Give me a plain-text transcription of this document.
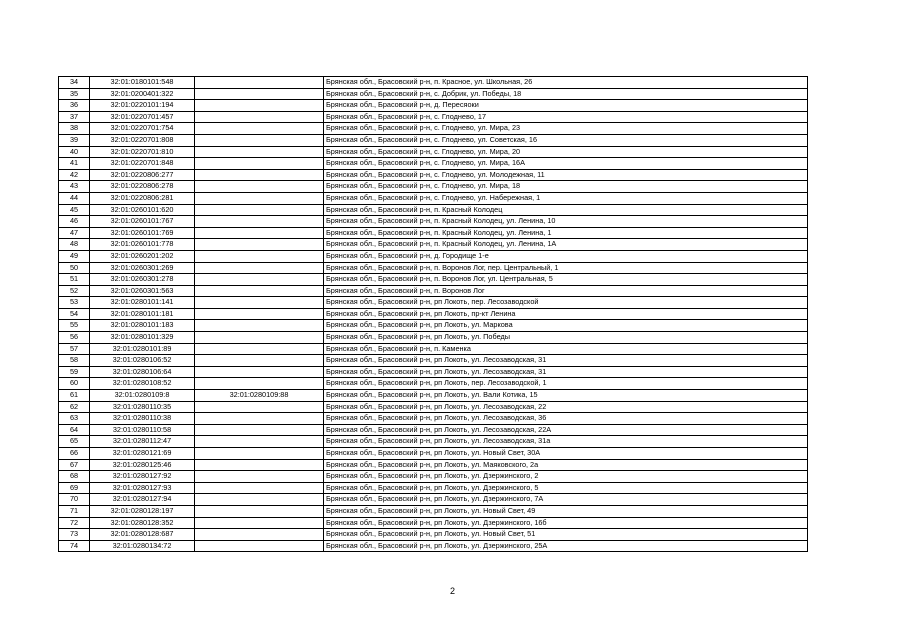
34	32:01:0180101:548		Брянская обл., Брасовский р-н, п. Красное, ул. Школьная, 26
35	32:01:0200401:322		Брянская обл., Брасовский р-н, с. Добрик, ул. Победы, 18
36	32:01:0220101:194		Брянская обл., Брасовский р-н, д. Пересяоки
37	32:01:0220701:457		Брянская обл., Брасовский р-н, с. Глодневo, 17
38	32:01:0220701:754		Брянская обл., Брасовский р-н, с. Глоднево, ул. Мира, 23
39	32:01:0220701:808		Брянская обл., Брасовский р-н, с. Глоднево, ул. Советская, 16
40	32:01:0220701:810		Брянская обл., Брасовский р-н, с. Глоднево, ул. Мира, 20
41	32:01:0220701:848		Брянская обл., Брасовский р-н, с. Глоднево, ул. Мира, 16А
42	32:01:0220806:277		Брянская обл., Брасовский р-н, с. Глоднево, ул. Молодежная, 11
43	32:01:0220806:278		Брянская обл., Брасовский р-н, с. Глоднево, ул. Мира, 18
44	32:01:0220806:281		Брянская обл., Брасовский р-н, с. Глоднево, ул. Набережная, 1
45	32:01:0260101:620		Брянская обл., Брасовский р-н, п. Красный Колодец
46	32:01:0260101:767		Брянская обл., Брасовский р-н, п. Красный Колодец, ул. Ленина, 10
47	32:01:0260101:769		Брянская обл., Брасовский р-н, п. Красный Колодец, ул. Ленина, 1
48	32:01:0260101:778		Брянская обл., Брасовский р-н, п. Красный Колодец, ул. Ленина, 1А
49	32:01:0260201:202		Брянская обл., Брасовский р-н, д. Городище 1-е
50	32:01:0260301:269		Брянская обл., Брасовский р-н, п. Воронов Лог, пер. Центральный, 1
51	32:01:0260301:278		Брянская обл., Брасовский р-н, п. Воронов Лог, ул. Центральная, 5
52	32:01:0260301:563		Брянская обл., Брасовский р-н, п. Воронов Лог
53	32:01:0280101:141		Брянская обл., Брасовский р-н, рп Локоть, пер. Лесозаводской
54	32:01:0280101:181		Брянская обл., Брасовский р-н, рп Локоть, пр-кт Ленина
55	32:01:0280101:183		Брянская обл., Брасовский р-н, рп Локоть, ул. Маркова
56	32:01:0280101:329		Брянская обл., Брасовский р-н, рп Локоть, ул. Победы
57	32:01:0280101:89		Брянская обл., Брасовский р-н, п. Каменка
58	32:01:0280106:52		Брянская обл., Брасовский р-н, рп Локоть, ул. Лесозаводская, 31
59	32:01:0280106:64		Брянская обл., Брасовский р-н, рп Локоть, ул. Лесозаводская, 31
60	32:01:0280108:52		Брянская обл., Брасовский р-н, рп Локоть, пер. Лесозаводской, 1
61	32:01:0280109:8	32:01:0280109:88	Брянская обл., Брасовский р-н, рп Локоть, ул. Вали Котика, 15
62	32:01:0280110:35		Брянская обл., Брасовский р-н, рп Локоть, ул. Лесозаводская, 22
63	32:01:0280110:38		Брянская обл., Брасовский р-н, рп Локоть, ул. Лесозаводская, 36
64	32:01:0280110:58		Брянская обл., Брасовский р-н, рп Локоть, ул. Лесозаводская, 22А
65	32:01:0280112:47		Брянская обл., Брасовский р-н, рп Локоть, ул. Лесозаводская, 31а
66	32:01:0280121:69		Брянская обл., Брасовский р-н, рп Локоть, ул. Новый Свет, 30А
67	32:01:0280125:46		Брянская обл., Брасовский р-н, рп Локоть, ул. Маяковского, 2а
68	32:01:0280127:92		Брянская обл., Брасовский р-н, рп Локоть, ул. Дзержинского, 2
69	32:01:0280127:93		Брянская обл., Брасовский р-н, рп Локоть, ул. Дзержинского, 5
70	32:01:0280127:94		Брянская обл., Брасовский р-н, рп Локоть, ул. Дзержинского, 7А
71	32:01:0280128:197		Брянская обл., Брасовский р-н, рп Локоть, ул. Новый Свет, 49
72	32:01:0280128:352		Брянская обл., Брасовский р-н, рп Локоть, ул. Дзержинского, 16б
73	32:01:0280128:687		Брянская обл., Брасовский р-н, рп Локоть, ул. Новый Свет, 51
74	32:01:0280134:72		Брянская обл., Брасовский р-н, рп Локоть, ул. Дзержинского, 25А
2
